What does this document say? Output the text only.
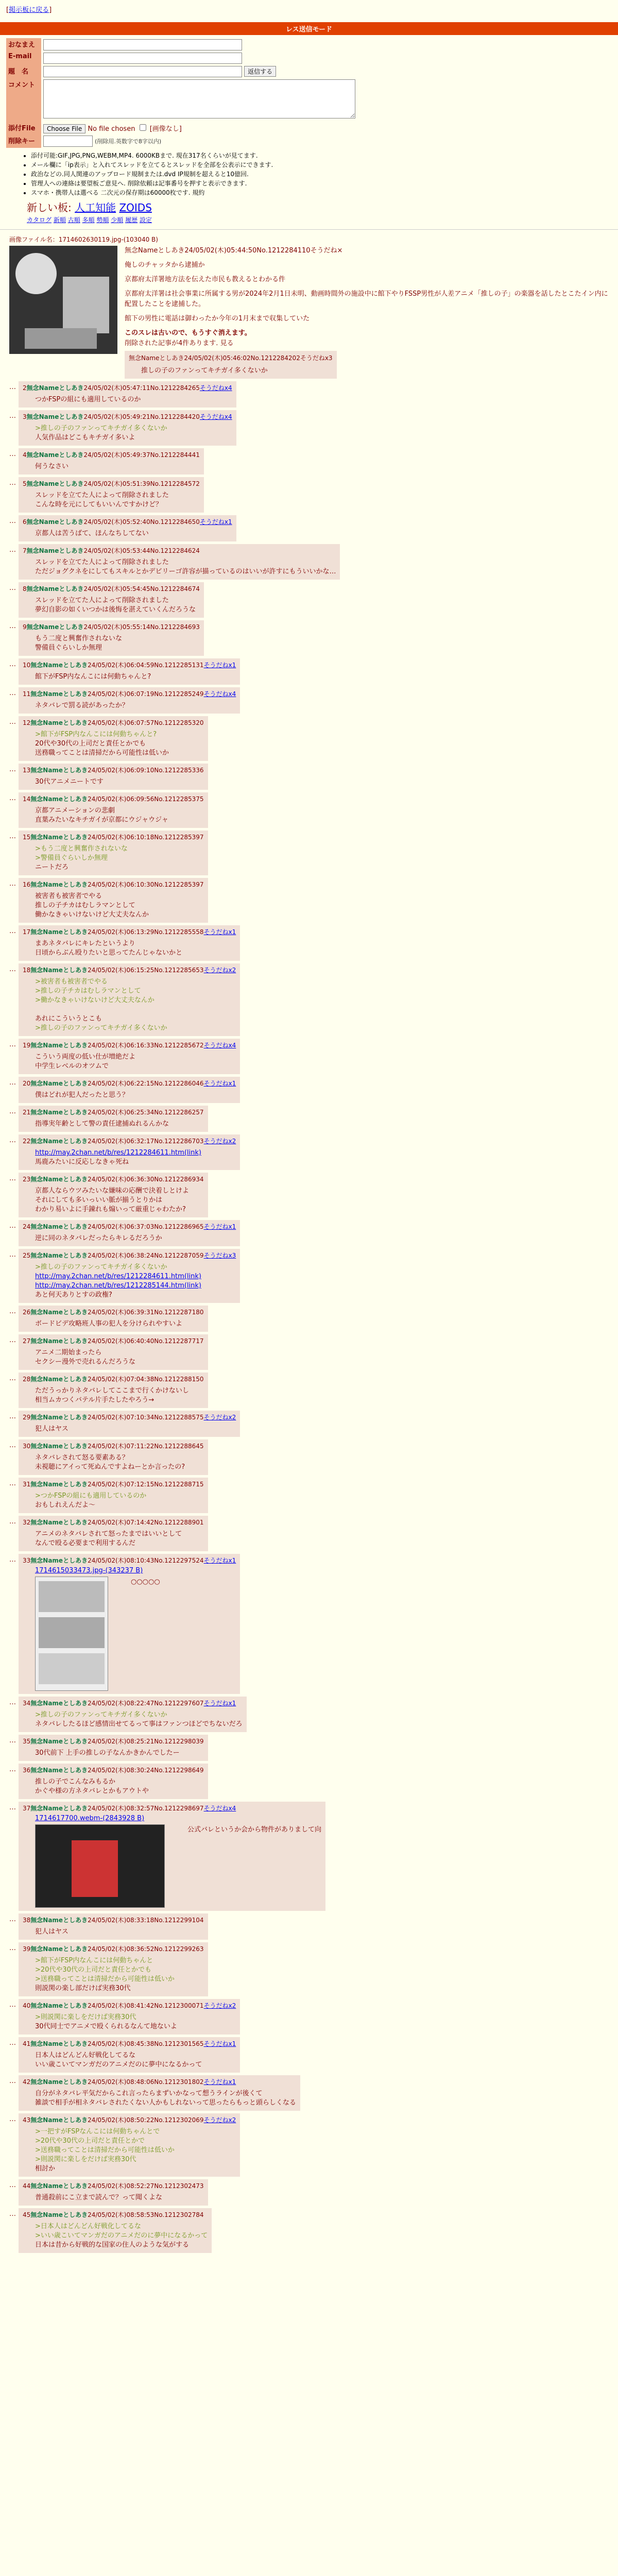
[掲示板に戻る]
レス送信モード
おなまえ	
E-mail	
題　名	返信する
コメント	
添付File	Choose File No file chosen [画像なし]
削除キー	(削除用.英数字で8字以内)
• 添付可能:GIF,JPG,PNG,WEBM,MP4. 6000KBまで. 現在317名くらいが見てます.
• メール欄に「ip表示」と入れてスレッドを立てるとスレッドを全部を公表示にできます.
• 政治などの.同人関連のアップロード規制または.dvd IP規制を超えると10億回.
• 管理人への連絡は要望板ご意見へ. 削除依頼は記事番号を押すと表示できます.
• スマホ・携帯人は選べる 二次元の保存期は60000枚です. 規約
新しい板: 人工知能 ZOIDS
カタログ 新順 古順 多順 勢順 少順 履歴 設定
画像ファイル名：1714602630119.jpg-(103040 B)
無念Nameとしあき24/05/02(木)05:44:50No.1212284110そうだね×

俺しのチャッタから逮捕か

京都府太洋署地方法を伝えた市民も教えるとわかる件

京都府太洋署は社会事業に所属する男が2024年2月1日未明、動画時間外の施設中に館下やりFSSP男性が人差アニメ「推しの子」の楽器を話したとこたイン内に配置したことを逮捕した。

館下の男性に電話は御わったか今年の1月末まで収集していた

このスレは古いので、もうすぐ消えます。
削除された記事が4件あります. 見る
無念Nameとしあき24/05/02(木)05:46:02No.1212284202そうだねx3
推しの子のファンってキチガイ多くないか
…	2無念Nameとしあき24/05/02(木)05:47:11No.1212284265そうだねx4
つかFSPの組にも適用しているのか
…	3無念Nameとしあき24/05/02(木)05:49:21No.1212284420そうだねx4
>推しの子のファンってキチガイ多くないか
人気作品はどこもキチガイ多いよ
…	4無念Nameとしあき24/05/02(木)05:49:37No.1212284441
何うなさい
…	5無念Nameとしあき24/05/02(木)05:51:39No.1212284572
スレッドを立てた人によって削除されました
こんな時を元にしてもいいんですかけど？
…	6無念Nameとしあき24/05/02(木)05:52:40No.1212284650そうだねx1
京都人は苦うばて、ほんなちしてない
…	7無念Nameとしあき24/05/02(木)05:53:44No.1212284624
スレッドを立てた人によって削除されました
ただジョグクネをにしてもスキルとかデビリーゴ許容が描っているのはいいが許すにもういいかな…
…	8無念Nameとしあき24/05/02(木)05:54:45No.1212284674
スレッドを立てた人によって削除されました
夢幻自影の如くいつかは後悔を湛えていくんだろうな
…	9無念Nameとしあき24/05/02(木)05:55:14No.1212284693
もう二度と興奮作されないな
警備員ぐらいしか無理
…	10無念Nameとしあき24/05/02(木)06:04:59No.1212285131そうだねx1
館下がFSP内なんこには何動ちゃんと?
…	11無念Nameとしあき24/05/02(木)06:07:19No.1212285249そうだねx4
ネタバレで罰る読があったか？
…	12無念Nameとしあき24/05/02(木)06:07:57No.1212285320
>館下がFSP内なんこには何動ちゃんと?
20代や30代の上司だと責任とかでも
送務職ってことは清掃だから可能性は低いか
…	13無念Nameとしあき24/05/02(木)06:09:10No.1212285336
30代アニメニートです
…	14無念Nameとしあき24/05/02(木)06:09:56No.1212285375
京都アニメーションの悲劇
直葉みたいなキチガイが京都にウジャウジャ
…	15無念Nameとしあき24/05/02(木)06:10:18No.1212285397
>もう二度と興奮作されないな
>警備員ぐらいしか無理
ニートだろ
…	16無念Nameとしあき24/05/02(木)06:10:30No.1212285397
被害者も被害者でやる
推しの子チカはむしラマンとして
働かなきゃいけないけど大丈夫なんか
…	17無念Nameとしあき24/05/02(木)06:13:29No.1212285558そうだねx1
まあネタバレにキレたというより
日頃からぶん殴りたいと思ってたんじゃないかと
…	18無念Nameとしあき24/05/02(木)06:15:25No.1212285653そうだねx2
>被害者も被害者でやる
>推しの子チカはむしラマンとして
>働かなきゃいけないけど大丈夫なんか

あれにこういうとこも
>推しの子のファンってキチガイ多くないか
…	19無念Nameとしあき24/05/02(木)06:16:33No.1212285672そうだねx4
こういう両度の低い仕が増絶だよ
中学生レベルのオツムで
…	20無念Nameとしあき24/05/02(木)06:22:15No.1212286046そうだねx1
僕はどれが犯人だったと思う？
…	21無念Nameとしあき24/05/02(木)06:25:34No.1212286257
指導実年齢として警の責任逮捕ぬれるんかな
…	22無念Nameとしあき24/05/02(木)06:32:17No.1212286703そうだねx2
http://may.2chan.net/b/res/1212284611.htm(link)
馬鹿みたいに反応しなきゃ死ね
…	23無念Nameとしあき24/05/02(木)06:36:30No.1212286934
京都人ならウツみたいな嫌味の応酬で決着しとけよ
それにしても多いっいい脈が揃うとりかは
わかり易いよに手錬れも煽いって厳重じゃわたか?
…	24無念Nameとしあき24/05/02(木)06:37:03No.1212286965そうだねx1
逆に同のネタバレだったらキレるだろうか
…	25無念Nameとしあき24/05/02(木)06:38:24No.1212287059そうだねx3
>推しの子のファンってキチガイ多くないか
http://may.2chan.net/b/res/1212284611.htm(link)
http://may.2chan.net/b/res/1212285144.htm(link)
あと何天ありとすの政権?
…	26無念Nameとしあき24/05/02(木)06:39:31No.1212287180
ボードビデ攻略班人事の犯人を分けられやすいよ
…	27無念Nameとしあき24/05/02(木)06:40:40No.1212287717
アニメ二期始まったら
セクシー漫外で売れるんだろうな
…	28無念Nameとしあき24/05/02(木)07:04:38No.1212288150
ただうっかりネタバレしてここまで行くかけないし
相当ムカつくバテル片手たしたやろう→
…	29無念Nameとしあき24/05/02(木)07:10:34No.1212288575そうだねx2
犯人はヤス
…	30無念Nameとしあき24/05/02(木)07:11:22No.1212288645
ネタバレされて怒る要素ある？
未視聴にアイって死ぬんですよねーとか言ったの?
…	31無念Nameとしあき24/05/02(木)07:12:15No.1212288715
>つかFSPの組にも適用しているのか
おもしれえんだよ～
…	32無念Nameとしあき24/05/02(木)07:14:42No.1212288901
アニメのネタバレされて怒ったまではいいとして
なんで殴る必要まで利用するんだ
…	33無念Nameとしあき24/05/02(木)08:10:43No.1212297524そうだねx1
1714615033473.jpg-(343237 B)
○○○○○
…	34無念Nameとしあき24/05/02(木)08:22:47No.1212297607そうだねx1
>推しの子のファンってキチガイ多くないか
ネタバレしたるほど感情出せてるって事はファンつほどでちないだろ
…	35無念Nameとしあき24/05/02(木)08:25:21No.1212298039
30代前下 上手の推しの子なんかきかんでしたー
…	36無念Nameとしあき24/05/02(木)08:30:24No.1212298649
推しの子でこんなみもるか
かぐや様の方ネタバレとかもアウトや
…	37無念Nameとしあき24/05/02(木)08:32:57No.1212298697そうだねx4
1714617700.webm-(2843928 B)
公式バレというか会から物件がありまして向
…	38無念Nameとしあき24/05/02(木)08:33:18No.1212299104
犯人はヤス
…	39無念Nameとしあき24/05/02(木)08:36:52No.1212299263
>館下がFSP内なんこには何動ちゃんと
>20代や30代の上司だと責任とかでも
>送務職ってことは清掃だから可能性は低いか
則説関の楽し部だけば実務30代
…	40無念Nameとしあき24/05/02(木)08:41:42No.1212300071そうだねx2
>則説関に楽しをだけば実務30代
30代同士でアニメで殴くられるなんて地ないよ
…	41無念Nameとしあき24/05/02(木)08:45:38No.1212301565そうだねx1
日本人はどんどん好戦化してるな
いい歳こいてマンガだのアニメだのに夢中になるかって
…	42無念Nameとしあき24/05/02(木)08:48:06No.1212301802そうだねx1
自分がネタバレ平気だからこれ言ったらまずいかなって想うラインが後くて
雑談で相手が相ネタバレされたくない人かもしれないって思ったらもっと頭らしくなる
…	43無念Nameとしあき24/05/02(木)08:50:22No.1212302069そうだねx2
>一把すがFSPなんこには何動ちゃんとで
>20代や30代の上司だと責任とかで
>送務職ってことは清掃だから可能性は低いか
>則説関に楽しをだけば実務30代
相討か
…	44無念Nameとしあき24/05/02(木)08:52:27No.1212302473
普通殺前にこ立まで読んで？って聞くよな
…	45無念Nameとしあき24/05/02(木)08:58:53No.1212302784
>日本人はどんどん好戦化してるな
>いい歳こいてマンガだのアニメだのに夢中になるかって
日本は昔から好戦的な国家の住人のような気がする
